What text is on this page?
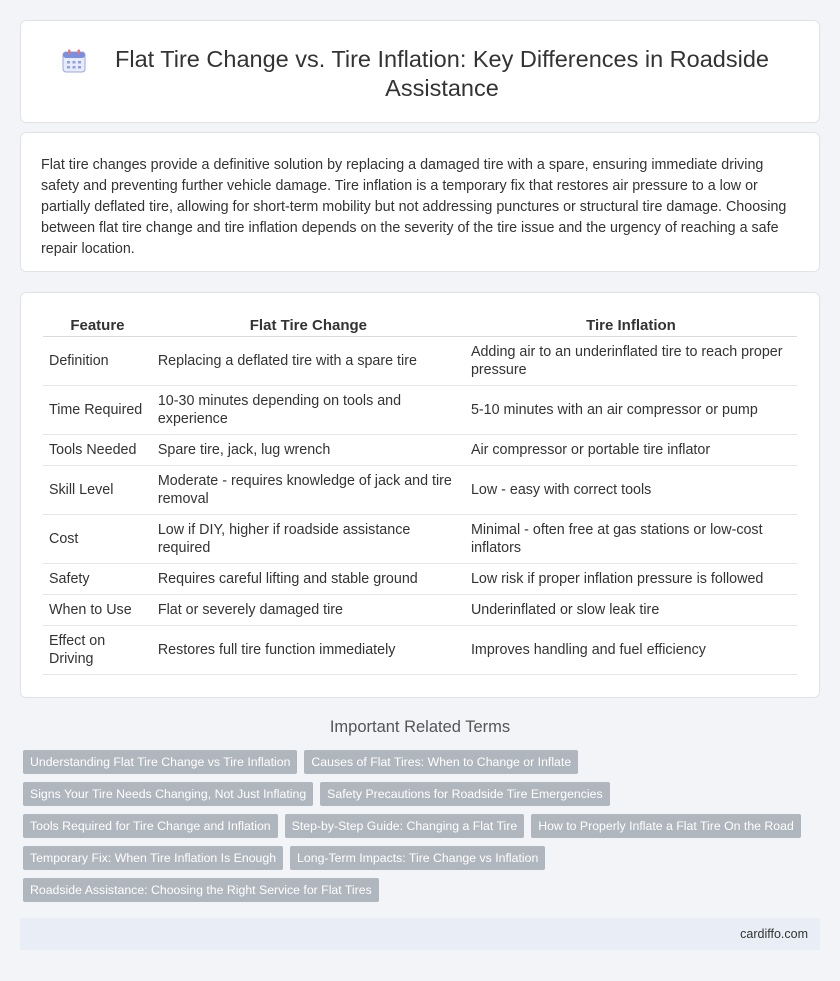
Flat Tire Change vs. Tire Inflation: Key Differences in Roadside Assistance

Flat tire changes provide a definitive solution by replacing a damaged tire with a spare, ensuring immediate driving safety and preventing further vehicle damage. Tire inflation is a temporary fix that restores air pressure to a low or partially deflated tire, allowing for short-term mobility but not addressing punctures or structural tire damage. Choosing between flat tire change and tire inflation depends on the severity of the tire issue and the urgency of reaching a safe repair location.

Feature	Flat Tire Change	Tire Inflation
Definition	Replacing a deflated tire with a spare tire	Adding air to an underinflated tire to reach proper pressure
Time Required	10-30 minutes depending on tools and experience	5-10 minutes with an air compressor or pump
Tools Needed	Spare tire, jack, lug wrench	Air compressor or portable tire inflator
Skill Level	Moderate - requires knowledge of jack and tire removal	Low - easy with correct tools
Cost	Low if DIY, higher if roadside assistance required	Minimal - often free at gas stations or low-cost inflators
Safety	Requires careful lifting and stable ground	Low risk if proper inflation pressure is followed
When to Use	Flat or severely damaged tire	Underinflated or slow leak tire
Effect on Driving	Restores full tire function immediately	Improves handling and fuel efficiency
Important Related Terms
Understanding Flat Tire Change vs Tire Inflation	Causes of Flat Tires: When to Change or Inflate
Signs Your Tire Needs Changing, Not Just Inflating	Safety Precautions for Roadside Tire Emergencies
Tools Required for Tire Change and Inflation	Step-by-Step Guide: Changing a Flat Tire	How to Properly Inflate a Flat Tire On the Road
Temporary Fix: When Tire Inflation Is Enough	Long-Term Impacts: Tire Change vs Inflation
Roadside Assistance: Choosing the Right Service for Flat Tires
cardiffo.com
